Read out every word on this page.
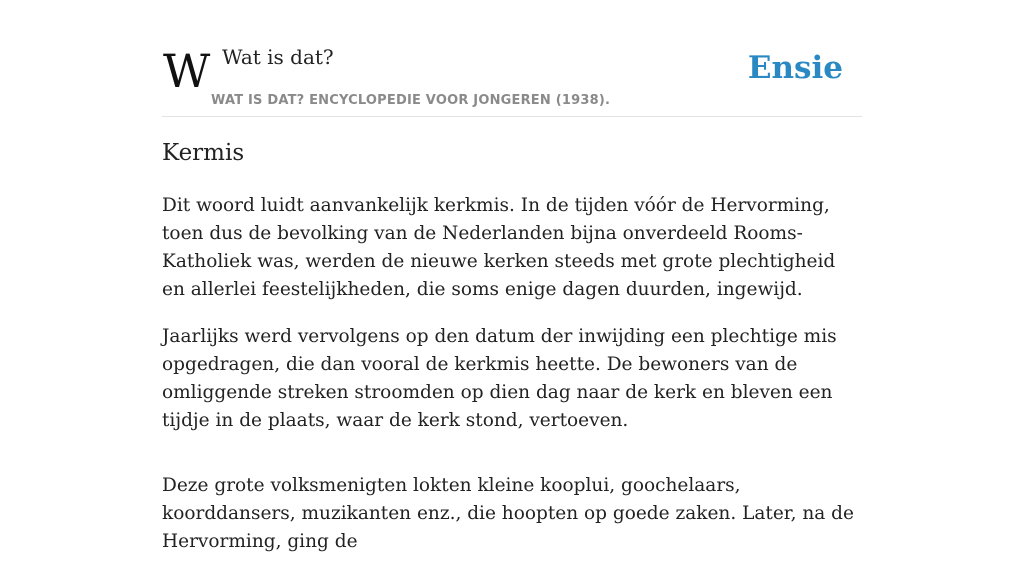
W Wat is dat?
WAT IS DAT? ENCYCLOPEDIE VOOR JONGEREN (1938).
Ensie
Kermis

Dit woord luidt aanvankelijk kerkmis. In de tijden vóór de Hervorming, toen dus de bevolking van de Nederlanden bijna onverdeeld Rooms-Katholiek was, werden de nieuwe kerken steeds met grote plechtigheid en allerlei feestelijkheden, die soms enige dagen duurden, ingewijd.

Jaarlijks werd vervolgens op den datum der inwijding een plechtige mis opgedragen, die dan vooral de kerkmis heette. De bewoners van de omliggende streken stroomden op dien dag naar de kerk en bleven een tijdje in de plaats, waar de kerk stond, vertoeven.

Deze grote volksmenigten lokten kleine kooplui, goochelaars, koorddansers, muzikanten enz., die hoopten op goede zaken. Later, na de Hervorming, ging de
